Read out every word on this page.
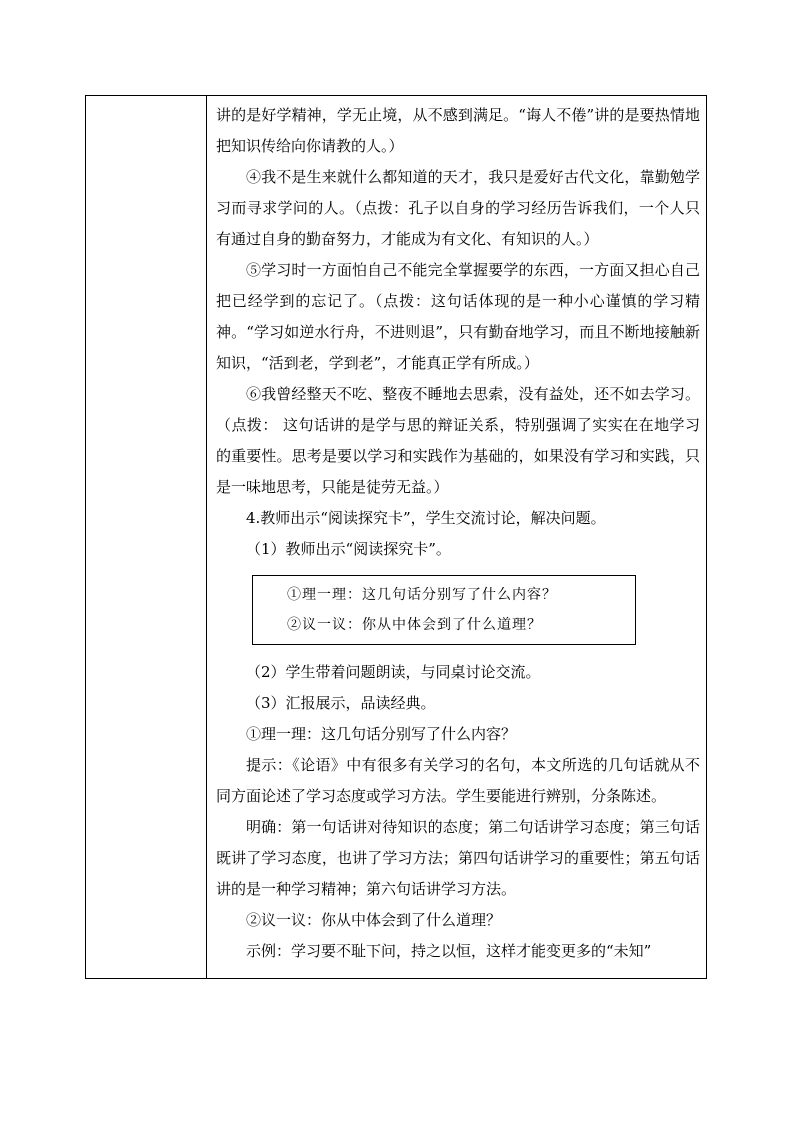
讲的是好学精神，学无止境，从不感到满足。“诲人不倦”讲的是要热情地把知识传给向你请教的人。）

④我不是生来就什么都知道的天才，我只是爱好古代文化，靠勤勉学习而寻求学问的人。（点拨：孔子以自身的学习经历告诉我们，一个人只有通过自身的勤奋努力，才能成为有文化、有知识的人。）

⑤学习时一方面怕自己不能完全掌握要学的东西，一方面又担心自己把已经学到的忘记了。（点拨：这句话体现的是一种小心谨慎的学习精神。“学习如逆水行舟，不进则退”，只有勤奋地学习，而且不断地接触新知识，“活到老，学到老”，才能真正学有所成。）

⑥我曾经整天不吃、整夜不睡地去思索，没有益处，还不如去学习。（点拨： 这句话讲的是学与思的辩证关系，特别强调了实实在在地学习的重要性。思考是要以学习和实践作为基础的，如果没有学习和实践，只是一味地思考，只能是徒劳无益。）

4.教师出示“阅读探究卡”，学生交流讨论，解决问题。

（1）教师出示“阅读探究卡”。

①理一理：这几句话分别写了什么内容？

②议一议：你从中体会到了什么道理？

（2）学生带着问题朗读，与同桌讨论交流。

（3）汇报展示，品读经典。

①理一理：这几句话分别写了什么内容？

提示：《论语》中有很多有关学习的名句，本文所选的几句话就从不同方面论述了学习态度或学习方法。学生要能进行辨别，分条陈述。

明确：第一句话讲对待知识的态度；第二句话讲学习态度；第三句话既讲了学习态度，也讲了学习方法；第四句话讲学习的重要性；第五句话讲的是一种学习精神；第六句话讲学习方法。

②议一议：你从中体会到了什么道理？

示例：学习要不耻下问，持之以恒，这样才能变更多的“未知”
